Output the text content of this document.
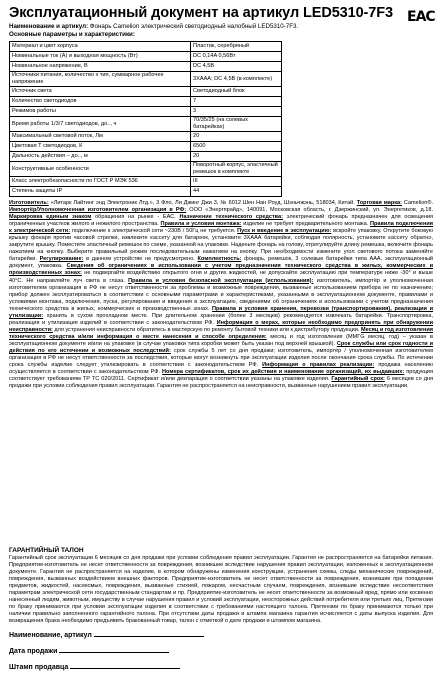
Эксплуатационный документ на артикул LED5310-7F3	EAC
Наименование и артикул: Фонарь Camelion электрический светодиодный налобный LED5310-7F3.
Основные параметры и характеристики:
Материал и цвет корпуса	Пластик, серебряный
Номинальные ток (А) и выходная мощность (Вт)	DC 0,14A 0,56Вт
Номинальное напряжение, В	DC 4,5В
Источники питания, количество х тип, суммарное рабочее напряжение	3ХААА; DC 4,5В (в комплекте)
Источник света	Светодиодный блок
Количество светодиодов	7
Режимов работы	3
Время работы 1/3/7 светодиодов, до.., ч	70/35/25 (на солевых батарейках)
Максимальный световой поток, Лм	20
Цветовая Т светодиодов, К	6500
Дальность действия – до.., м	20
Конструктивные особенности	Поворотный корпус, эластичный ремешок в комплекте
Класс электробезопасности по ГОСТ Р МЭК 536	III
Степень защиты IP	44

Изготовитель: «Литарк Лайтинг энд Электроник Лтд.», 3 Фло, Ли Джинг Джи 3, № 6012 Шен Нан Роуд, Шэньчжэнь, 518034, Китай. Торговая марка: Camelion®. Импортёр/Уполномоченная изготовителем организация в РФ: ООО «Энергпрайд», 140091, Московская область, г. Дзержинский, ул. Энергетиков, д.18. Маркировка единым знаком обращения на рынке - ЕАС. Назначение технического средства: электрический фонарь предназначен для освещения ограниченных участков жилого и нежилого пространства. Правила и условия монтажа: изделие не требует предварительного монтажа. Правила подключения к электрической сети: подключение к электрической сети ~230В / 50Гц не требуется. Пуск и введение в эксплуатацию: вскройте упаковку. Открутите боковую крышку фонаря против часовой стрелки, извлеките кассету для батареек, установите 3ХААА батарейки, соблюдая полярность, установите кассету обратно, закрутите крышку. Поместите эластичный ремешок по схеме, указанной на упаковке. Наденьте фонарь на голову, отрегулируйте длину ремешка, включите фонарь нажатием на кнопку. Выберите правильный режим последовательным нажатием на кнопку. При необходимости измените угол светового потока заменяйте батарейки. Регулирование: в данном устройстве не предусмотрено. Комплектность: фонарь, ремешок, 3 солевые батарейки типа ААА, эксплуатационный документ, упаковка. Сведения об ограничениях в использовании с учетом предназначения технического средства в жилых, коммерческих и производственных зонах: не подвергайте воздействию открытого огня и других жидкостей, не допускайте эксплуатацию при температуре ниже -30° и выше 40°С. Не направляйте луч света в глаза. Правила и условия безопасной эксплуатации (использования): изготовитель, импортёр и уполномоченная изготовителем организация в РФ не несут ответственности за проблемы и возможные повреждения, вызванные использованием прибора не по назначению; прибор должен эксплуатироваться в соответствии с основными параметрами и характеристиками, указанными в эксплуатационном документе, правилами и условиями монтажа, подключения, пуска, регулирования и введения в эксплуатацию, сведениями об ограничениях в использовании с учетом предназначения технического средства в жилых, коммерческих и производственных зонах. Правила и условия хранения, перевозки (транспортирования), реализации и утилизации: хранить в сухом прохладном месте. При длительном хранении (более 3 месяцев) рекомендуется извлекать батарейки. Транспортировка, реализация и утилизация изделий в соответствии с законодательством РФ. Информация о мерах, которые необходимо предпринять при обнаружении неисправности: для устранения неисправности обратитесь в мастерскую по ремонту бытовой техники или к дистрибутору продукции. Месяц и год изготовления технического средства и/или информация о месте нанесения и способе определения: месяц и год изготовления (MMГG месяц, год) – указан в эксплуатационном документе и/или на упаковке (в случае упаковки типа коробки может быть указан под верхней крышкой). Срок службы или срок годности и действия по его истечении и возможных последствий: срок службы 5 лет со дня продажи; изготовитель, импортёр / уполномоченная изготовителем организация в РФ не несут ответственности за последствия, которые могут возникнуть при эксплуатации изделия после окончания срока службы. По истечении срока службы изделие следует утилизировать в соответствии с законодательством РФ. Информация о правилах реализации: продажа населению осуществляется в соответствии с законодательством РФ. Номера сертификатов, срок их действия и наименование организаций, их выдавших: продукция соответствует требованиям ТР ТС 020/2011. Сертификат и/или декларация о соответствии указаны на упаковке изделия. Гарантийный срок: 6 месяцев со дня продажи при условии соблюдения правил эксплуатации. Гарантия не распространяется на неисправности, вызванные нарушением правил эксплуатации.

ГАРАНТИЙНЫЙ ТАЛОН
Гарантийный срок эксплуатации 6 месяцев со дня продажи при условии соблюдения правил эксплуатации. Гарантия не распространяется на батарейки питания. Предприятие-изготовитель не несет ответственности за повреждения, возникшие вследствие нарушения правил эксплуатации, изложенных в эксплуатационном документе. Гарантия не распространяется на изделие, в котором обнаружены изменения конструкции, устранения схемы, следы механических повреждений, повреждения, вызванных воздействием внешних факторов. Предприятие-изготовитель не несет ответственности за повреждения, возникшие при попадении предметов, жидкостей, насекомых, повреждения, вызванные стихией, пожаром, несчастным случаем, повреждения, возникшие вследствие несоответствия параметрам электрической сети государственным стандартам и пр. Предприятие-изготовитель не несет ответственности за возможный вред, прямо или косвенно нанесенный людям, животным, имуществу в случае нарушения правил и условий эксплуатации, неосторожных действий потребителя или третьих лиц. Претензии по браку принимаются при условии эксплуатации изделия в соответствии с требованиями настоящего талона. Претензии по браку принимаются только при наличии правильно заполненного гарантийного талона. При отсутствии даты продажи и штампа магазина гарантия исчисляется с даты выпуска изделия. Для возвращения брака необходимо предъявить бракованный товар, талон с отметкой о дате продажи и штампом магазина.
Наименование, артикул
Дата продажи
Штамп продавца
